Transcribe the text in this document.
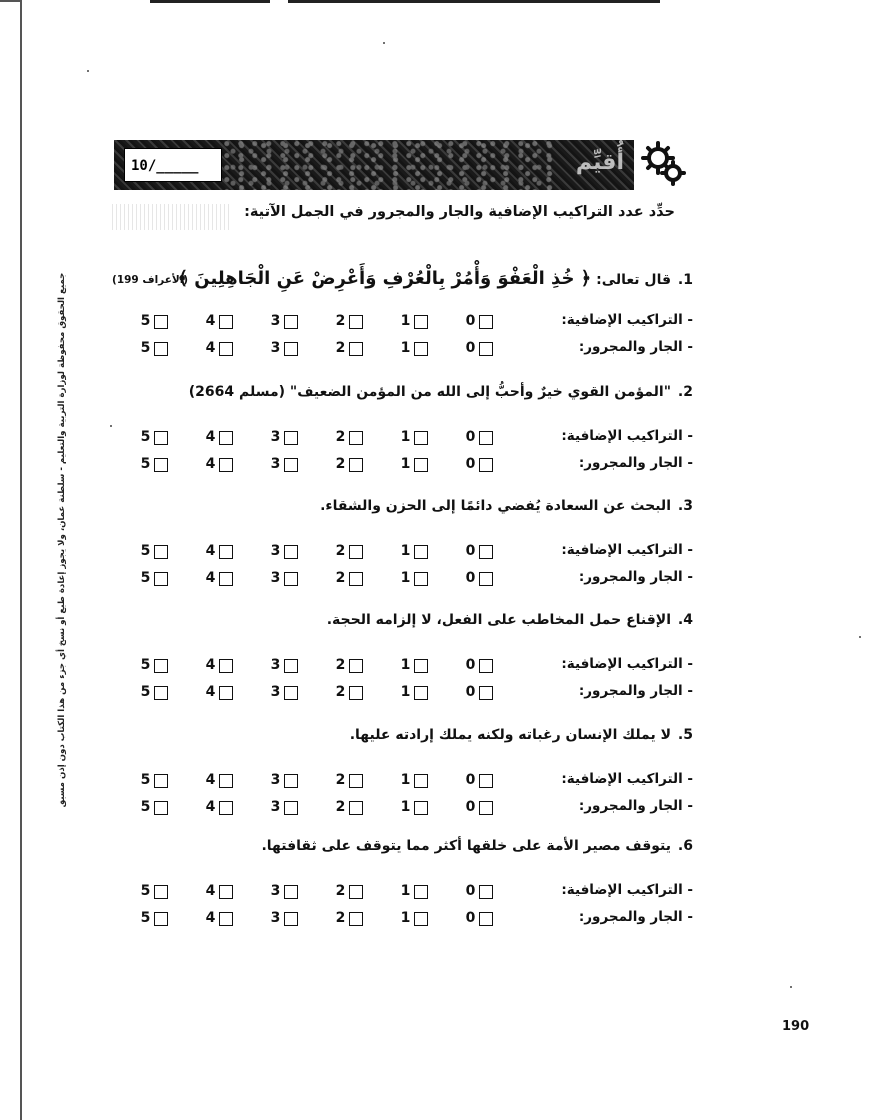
جميع الحقوق محفوظة لوزارة التربية والتعليم - سلطنة عمان، ولا يجوز إعادة طبع أو نسخ أي جزء من هذا الكتاب دون إذن مسبق
10/_____	أُقيِّم
حدِّد عدد التراكيب الإضافية والجار والمجرور في الجمل الآتية:
(الأعراف 199)	1.قال تعالى: ﴿ خُذِ الْعَفْوَ وَأْمُرْ بِالْعُرْفِ وَأَعْرِضْ عَنِ الْجَاهِلِينَ ﴾
- التراكيب الإضافية:
0
1
2
3
4
5
- الجار والمجرور:
0
1
2
3
4
5
2."المؤمن القوي خيرٌ وأحبُّ إلى الله من المؤمن الضعيف" (مسلم 2664)
- التراكيب الإضافية:
0
1
2
3
4
5
- الجار والمجرور:
0
1
2
3
4
5
3.البحث عن السعادة يُفضي دائمًا إلى الحزن والشقاء.
- التراكيب الإضافية:
0
1
2
3
4
5
- الجار والمجرور:
0
1
2
3
4
5
4.الإقناع حمل المخاطب على الفعل، لا إلزامه الحجة.
- التراكيب الإضافية:
0
1
2
3
4
5
- الجار والمجرور:
0
1
2
3
4
5
5.لا يملك الإنسان رغباته ولكنه يملك إرادته عليها.
- التراكيب الإضافية:
0
1
2
3
4
5
- الجار والمجرور:
0
1
2
3
4
5
6.يتوقف مصير الأمة على خلقها أكثر مما يتوقف على ثقافتها.
- التراكيب الإضافية:
0
1
2
3
4
5
- الجار والمجرور:
0
1
2
3
4
5
190
